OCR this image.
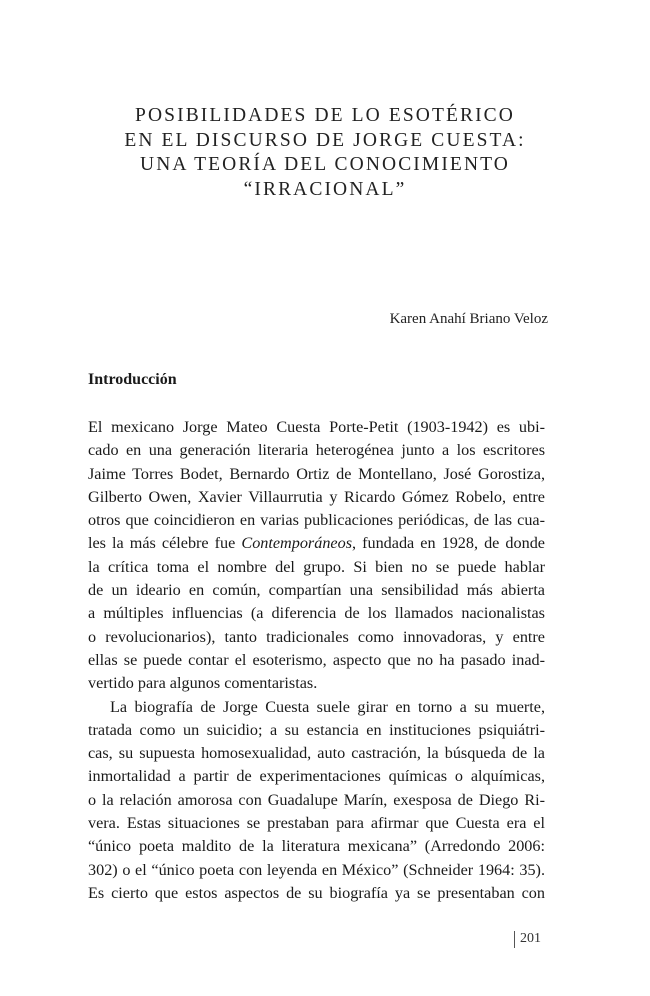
POSIBILIDADES DE LO ESOTÉRICO
EN EL DISCURSO DE JORGE CUESTA:
UNA TEORÍA DEL CONOCIMIENTO
“IRRACIONAL”
Karen Anahí Briano Veloz
Introducción
El mexicano Jorge Mateo Cuesta Porte-Petit (1903-1942) es ubi-
cado en una generación literaria heterogénea junto a los escritores
Jaime Torres Bodet, Bernardo Ortiz de Montellano, José Gorostiza,
Gilberto Owen, Xavier Villaurrutia y Ricardo Gómez Robelo, entre
otros que coincidieron en varias publicaciones periódicas, de las cua-
les la más célebre fue Contemporáneos, fundada en 1928, de donde
la crítica toma el nombre del grupo. Si bien no se puede hablar
de un ideario en común, compartían una sensibilidad más abierta
a múltiples influencias (a diferencia de los llamados nacionalistas
o revolucionarios), tanto tradicionales como innovadoras, y entre
ellas se puede contar el esoterismo, aspecto que no ha pasado inad-
vertido para algunos comentaristas.
La biografía de Jorge Cuesta suele girar en torno a su muerte,
tratada como un suicidio; a su estancia en instituciones psiquiátri-
cas, su supuesta homosexualidad, auto castración, la búsqueda de la
inmortalidad a partir de experimentaciones químicas o alquímicas,
o la relación amorosa con Guadalupe Marín, exesposa de Diego Ri-
vera. Estas situaciones se prestaban para afirmar que Cuesta era el
“único poeta maldito de la literatura mexicana” (Arredondo 2006:
302) o el “único poeta con leyenda en México” (Schneider 1964: 35).
Es cierto que estos aspectos de su biografía ya se presentaban con
201
